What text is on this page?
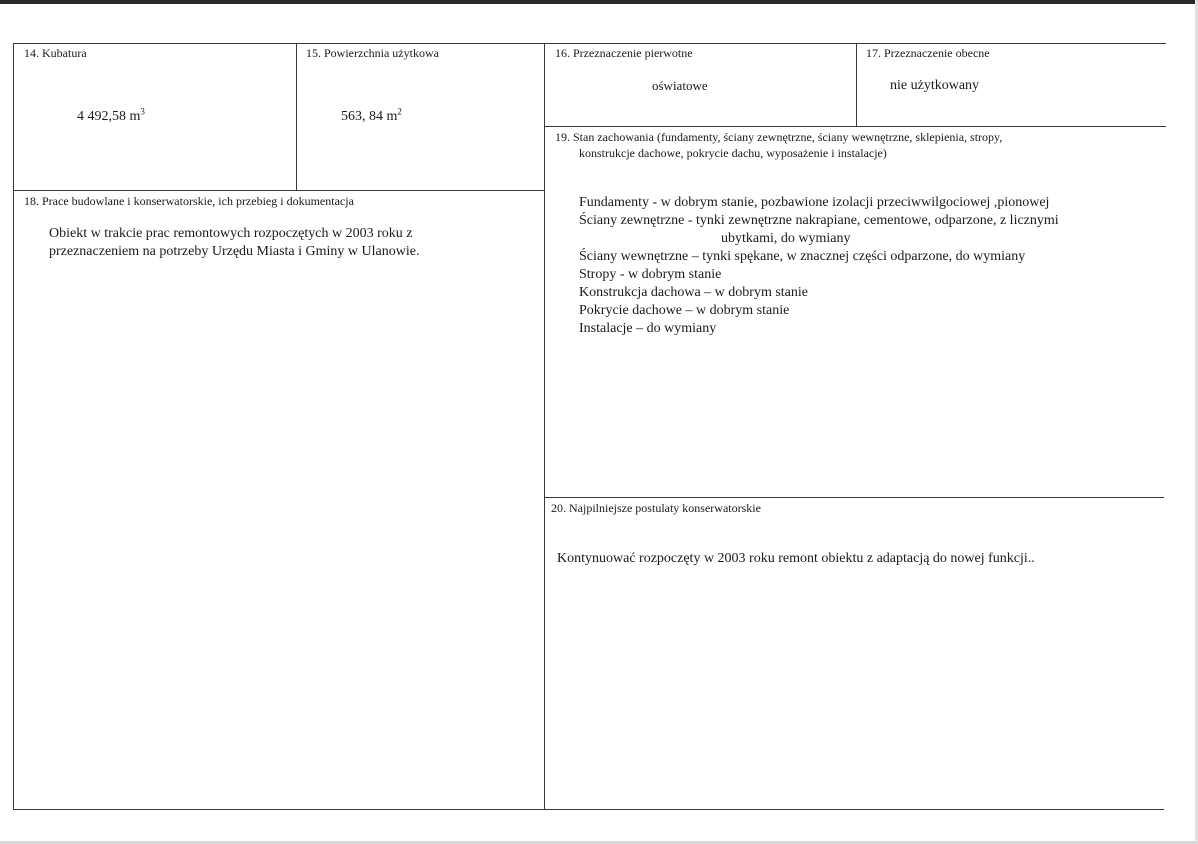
14. Kubatura
4 492,58 $m^3$
15. Powierzchnia użytkowa
563, 84 $m^2$
16. Przeznaczenie pierwotne
oświatowe
17. Przeznaczenie obecne
nie użytkowany
18. Prace budowlane i konserwatorskie, ich przebieg i dokumentacja
Obiekt w trakcie prac remontowych rozpoczętych w 2003 roku z
przeznaczeniem na potrzeby Urzędu Miasta i Gminy w Ulanowie.
19. Stan zachowania (fundamenty, ściany zewnętrzne, ściany wewnętrzne, sklepienia, stropy,
konstrukcje dachowe, pokrycie dachu, wyposażenie i instalacje)
Fundamenty - w dobrym stanie, pozbawione izolacji przeciwwilgociowej ,pionowej
Ściany zewnętrzne - tynki zewnętrzne nakrapiane, cementowe, odparzone, z licznymi
ubytkami, do wymiany
Ściany wewnętrzne – tynki spękane, w znacznej części odparzone, do wymiany
Stropy - w dobrym stanie
Konstrukcja dachowa – w dobrym stanie
Pokrycie dachowe – w dobrym stanie
Instalacje – do wymiany
20. Najpilniejsze postulaty konserwatorskie
Kontynuować rozpoczęty w 2003 roku remont obiektu z adaptacją do nowej funkcji..
